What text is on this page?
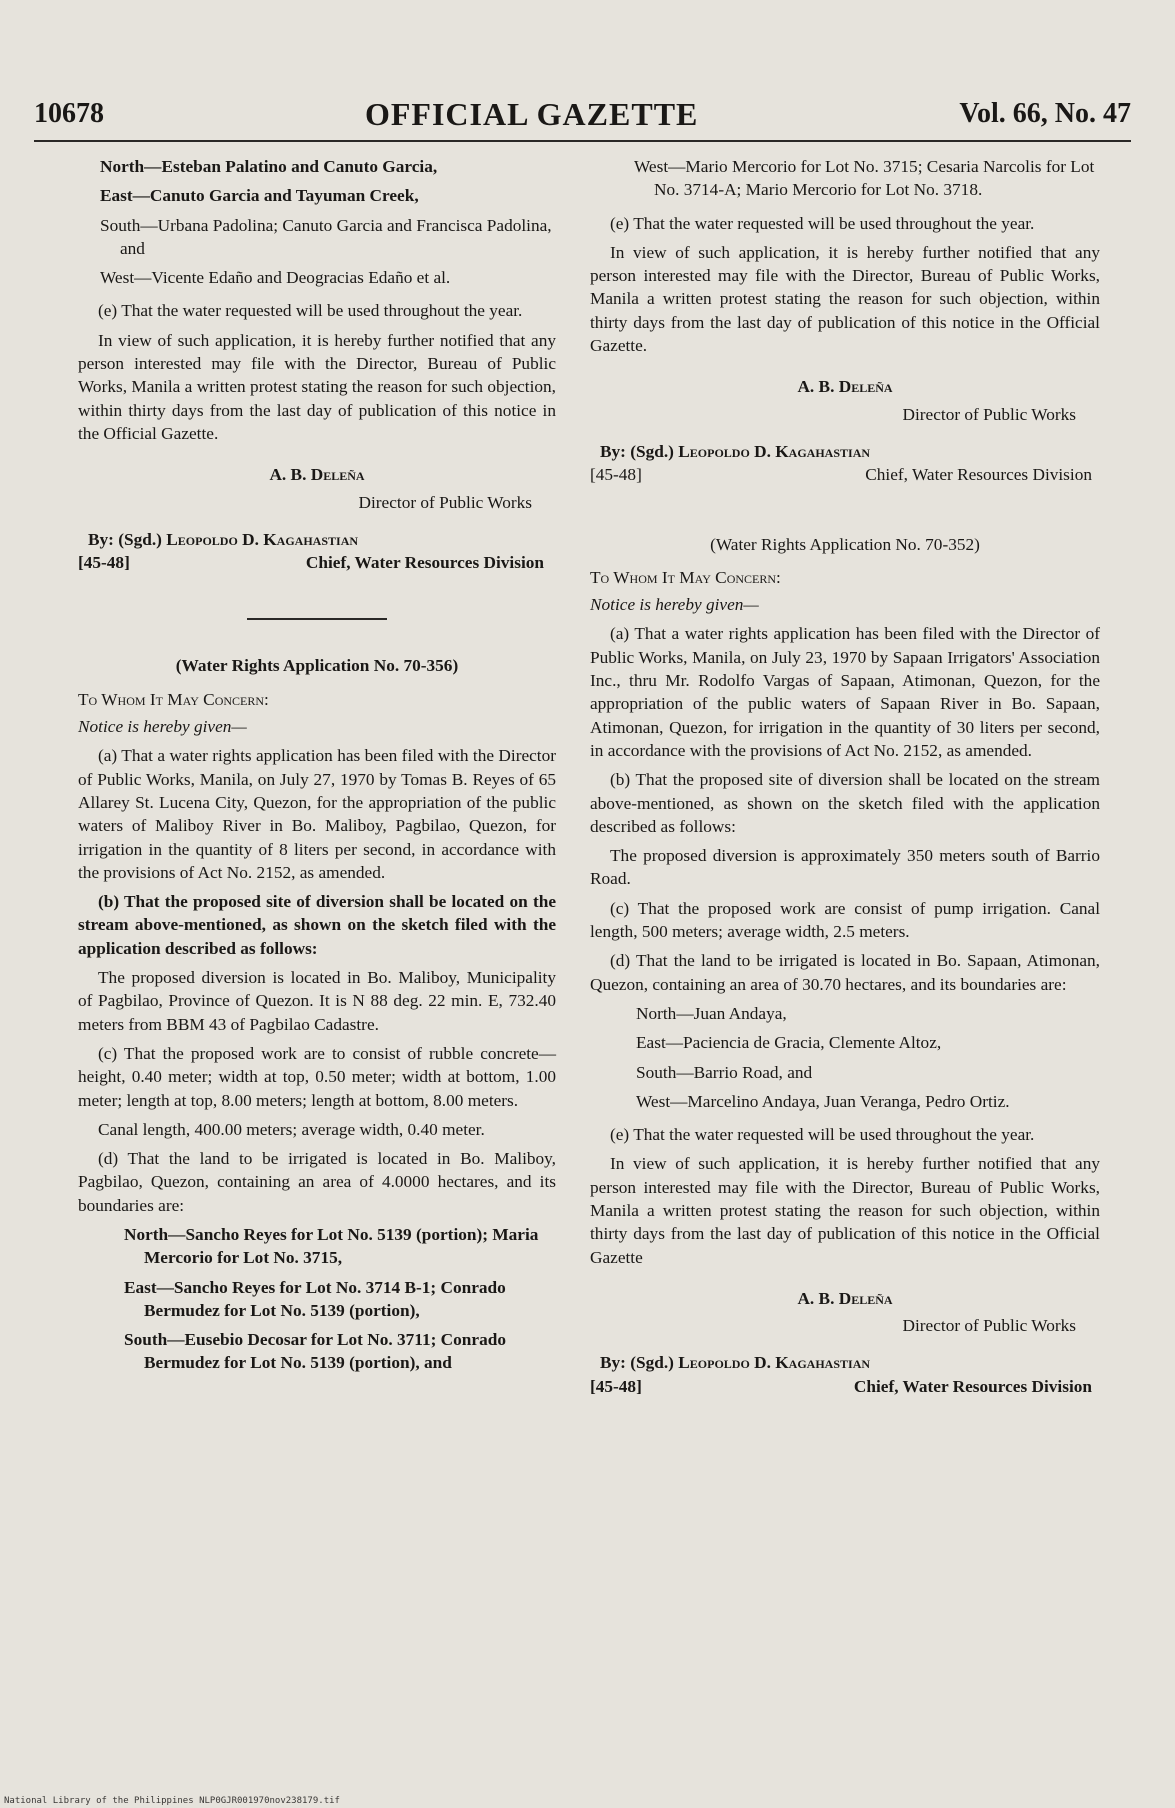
10678	OFFICIAL GAZETTE	Vol. 66, No. 47

North—Esteban Palatino and Canuto Garcia,

East—Canuto Garcia and Tayuman Creek,

South—Urbana Padolina; Canuto Garcia and Francisca Padolina, and

West—Vicente Edaño and Deogracias Edaño et al.

(e) That the water requested will be used throughout the year.

In view of such application, it is hereby further notified that any person interested may file with the Director, Bureau of Public Works, Manila a written protest stating the reason for such objection, within thirty days from the last day of publication of this notice in the Official Gazette.

A. B. Deleña

Director of Public Works

By: (Sgd.) Leopoldo D. Kagahastian

[45-48]	Chief, Water Resources Division

(Water Rights Application No. 70-356)

To Whom It May Concern:

Notice is hereby given—

(a) That a water rights application has been filed with the Director of Public Works, Manila, on July 27, 1970 by Tomas B. Reyes of 65 Allarey St. Lucena City, Quezon, for the appropriation of the public waters of Maliboy River in Bo. Maliboy, Pagbilao, Quezon, for irrigation in the quantity of 8 liters per second, in accordance with the provisions of Act No. 2152, as amended.

(b) That the proposed site of diversion shall be located on the stream above-mentioned, as shown on the sketch filed with the application described as follows:

The proposed diversion is located in Bo. Maliboy, Municipality of Pagbilao, Province of Quezon. It is N 88 deg. 22 min. E, 732.40 meters from BBM 43 of Pagbilao Cadastre.

(c) That the proposed work are to consist of rubble concrete—height, 0.40 meter; width at top, 0.50 meter; width at bottom, 1.00 meter; length at top, 8.00 meters; length at bottom, 8.00 meters.

Canal length, 400.00 meters; average width, 0.40 meter.

(d) That the land to be irrigated is located in Bo. Maliboy, Pagbilao, Quezon, containing an area of 4.0000 hectares, and its boundaries are:

North—Sancho Reyes for Lot No. 5139 (portion); Maria Mercorio for Lot No. 3715,

East—Sancho Reyes for Lot No. 3714 B-1; Conrado Bermudez for Lot No. 5139 (portion),

South—Eusebio Decosar for Lot No. 3711; Conrado Bermudez for Lot No. 5139 (portion), and

West—Mario Mercorio for Lot No. 3715; Cesaria Narcolis for Lot No. 3714-A; Mario Mercorio for Lot No. 3718.

(e) That the water requested will be used throughout the year.

In view of such application, it is hereby further notified that any person interested may file with the Director, Bureau of Public Works, Manila a written protest stating the reason for such objection, within thirty days from the last day of publication of this notice in the Official Gazette.

A. B. Deleña

Director of Public Works

By: (Sgd.) Leopoldo D. Kagahastian

[45-48]	Chief, Water Resources Division

(Water Rights Application No. 70-352)

To Whom It May Concern:

Notice is hereby given—

(a) That a water rights application has been filed with the Director of Public Works, Manila, on July 23, 1970 by Sapaan Irrigators' Association Inc., thru Mr. Rodolfo Vargas of Sapaan, Atimonan, Quezon, for the appropriation of the public waters of Sapaan River in Bo. Sapaan, Atimonan, Quezon, for irrigation in the quantity of 30 liters per second, in accordance with the provisions of Act No. 2152, as amended.

(b) That the proposed site of diversion shall be located on the stream above-mentioned, as shown on the sketch filed with the application described as follows:

The proposed diversion is approximately 350 meters south of Barrio Road.

(c) That the proposed work are consist of pump irrigation. Canal length, 500 meters; average width, 2.5 meters.

(d) That the land to be irrigated is located in Bo. Sapaan, Atimonan, Quezon, containing an area of 30.70 hectares, and its boundaries are:

North—Juan Andaya,

East—Paciencia de Gracia, Clemente Altoz,

South—Barrio Road, and

West—Marcelino Andaya, Juan Veranga, Pedro Ortiz.

(e) That the water requested will be used throughout the year.

In view of such application, it is hereby further notified that any person interested may file with the Director, Bureau of Public Works, Manila a written protest stating the reason for such objection, within thirty days from the last day of publication of this notice in the Official Gazette

A. B. Deleña

Director of Public Works

By: (Sgd.) Leopoldo D. Kagahastian

[45-48]	Chief, Water Resources Division

National Library of the Philippines NLP0GJR001970nov238179.tif
